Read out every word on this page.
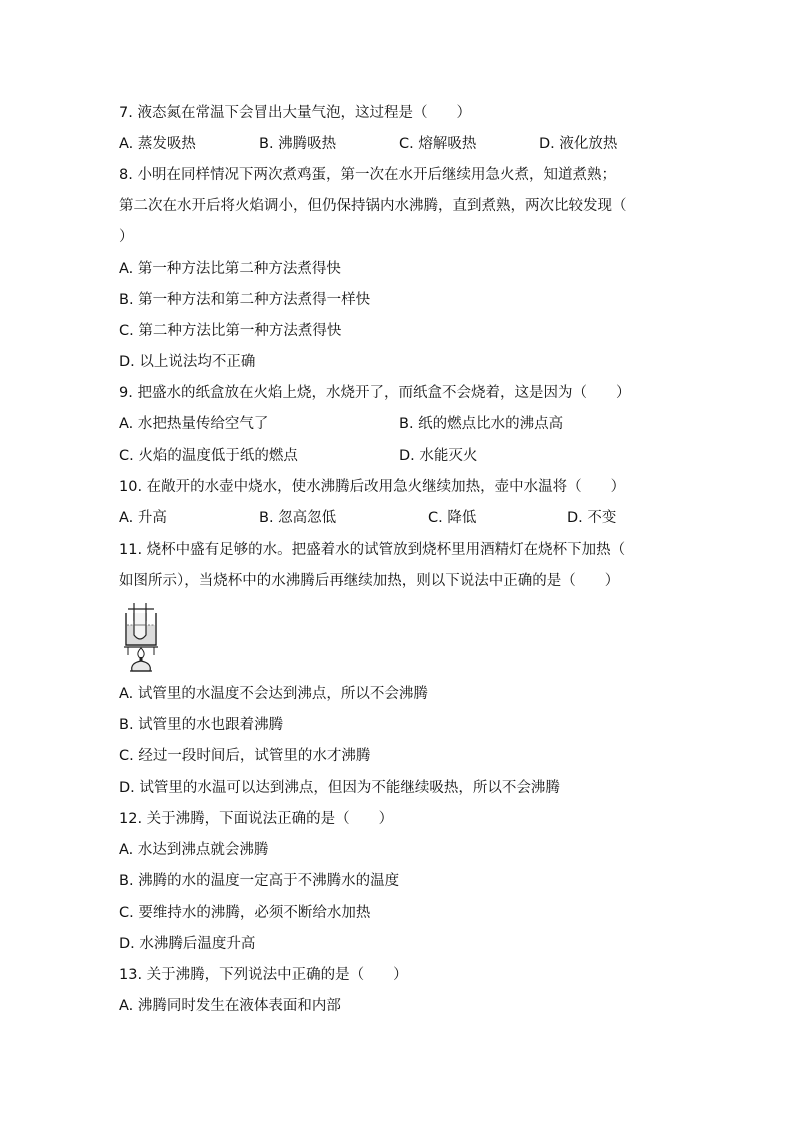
7. 液态氮在常温下会冒出大量气泡，这过程是（　　）
A. 蒸发吸热	B. 沸腾吸热	C. 熔解吸热	D. 液化放热
8. 小明在同样情况下两次煮鸡蛋，第一次在水开后继续用急火煮，知道煮熟；
第二次在水开后将火焰调小，但仍保持锅内水沸腾，直到煮熟，两次比较发现（
）
A. 第一种方法比第二种方法煮得快
B. 第一种方法和第二种方法煮得一样快
C. 第二种方法比第一种方法煮得快
D. 以上说法均不正确
9. 把盛水的纸盒放在火焰上烧，水烧开了，而纸盒不会烧着，这是因为（　　）
A. 水把热量传给空气了	B. 纸的燃点比水的沸点高
C. 火焰的温度低于纸的燃点	D. 水能灭火
10. 在敞开的水壶中烧水，使水沸腾后改用急火继续加热，壶中水温将（　　）
A. 升高	B. 忽高忽低	C. 降低	D. 不变
11. 烧杯中盛有足够的水。把盛着水的试管放到烧杯里用酒精灯在烧杯下加热（
如图所示），当烧杯中的水沸腾后再继续加热，则以下说法中正确的是（　　）
A. 试管里的水温度不会达到沸点，所以不会沸腾
B. 试管里的水也跟着沸腾
C. 经过一段时间后，试管里的水才沸腾
D. 试管里的水温可以达到沸点，但因为不能继续吸热，所以不会沸腾
12. 关于沸腾，下面说法正确的是（　　）
A. 水达到沸点就会沸腾
B. 沸腾的水的温度一定高于不沸腾水的温度
C. 要维持水的沸腾，必须不断给水加热
D. 水沸腾后温度升高
13. 关于沸腾，下列说法中正确的是（　　）
A. 沸腾同时发生在液体表面和内部
